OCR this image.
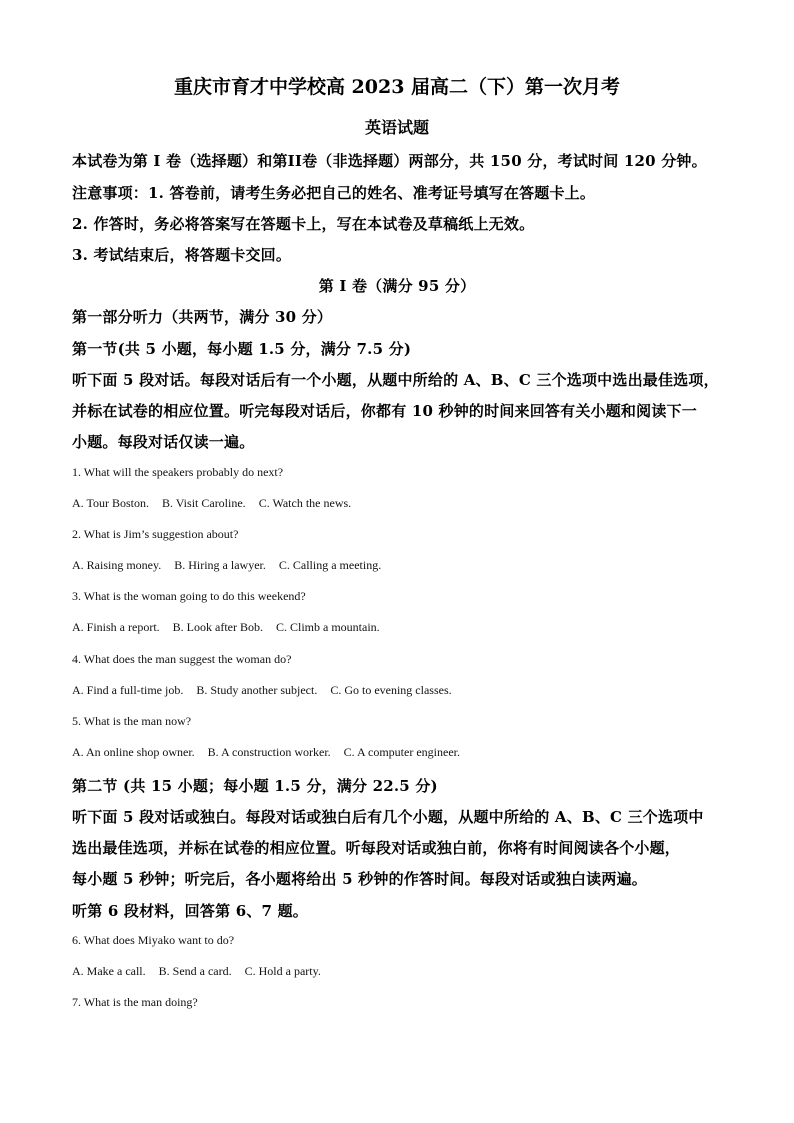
重庆市育才中学校高 2023 届高二（下）第一次月考
英语试题
本试卷为第 I 卷（选择题）和第II卷（非选择题）两部分，共 150 分，考试时间 120 分钟。
注意事项：1. 答卷前，请考生务必把自己的姓名、准考证号填写在答题卡上。
2. 作答时，务必将答案写在答题卡上，写在本试卷及草稿纸上无效。
3. 考试结束后，将答题卡交回。
第 I 卷（满分 95 分）
第一部分听力（共两节，满分 30 分）
第一节(共 5 小题，每小题 1.5 分，满分 7.5 分)
听下面 5 段对话。每段对话后有一个小题，从题中所给的 A、B、C 三个选项中选出最佳选项，
并标在试卷的相应位置。听完每段对话后，你都有 10 秒钟的时间来回答有关小题和阅读下一
小题。每段对话仅读一遍。
1. What will the speakers probably do next?
A. Tour Boston. B. Visit Caroline. C. Watch the news.
2. What is Jim’s suggestion about?
A. Raising money. B. Hiring a lawyer. C. Calling a meeting.
3. What is the woman going to do this weekend?
A. Finish a report. B. Look after Bob. C. Climb a mountain.
4. What does the man suggest the woman do?
A. Find a full-time job. B. Study another subject. C. Go to evening classes.
5. What is the man now?
A. An online shop owner. B. A construction worker. C. A computer engineer.
第二节 (共 15 小题；每小题 1.5 分，满分 22.5 分)
听下面 5 段对话或独白。每段对话或独白后有几个小题，从题中所给的 A、B、C 三个选项中
选出最佳选项，并标在试卷的相应位置。听每段对话或独白前，你将有时间阅读各个小题，
每小题 5 秒钟；听完后，各小题将给出 5 秒钟的作答时间。每段对话或独白读两遍。
听第 6 段材料，回答第 6、7 题。
6. What does Miyako want to do?
A. Make a call. B. Send a card. C. Hold a party.
7. What is the man doing?
